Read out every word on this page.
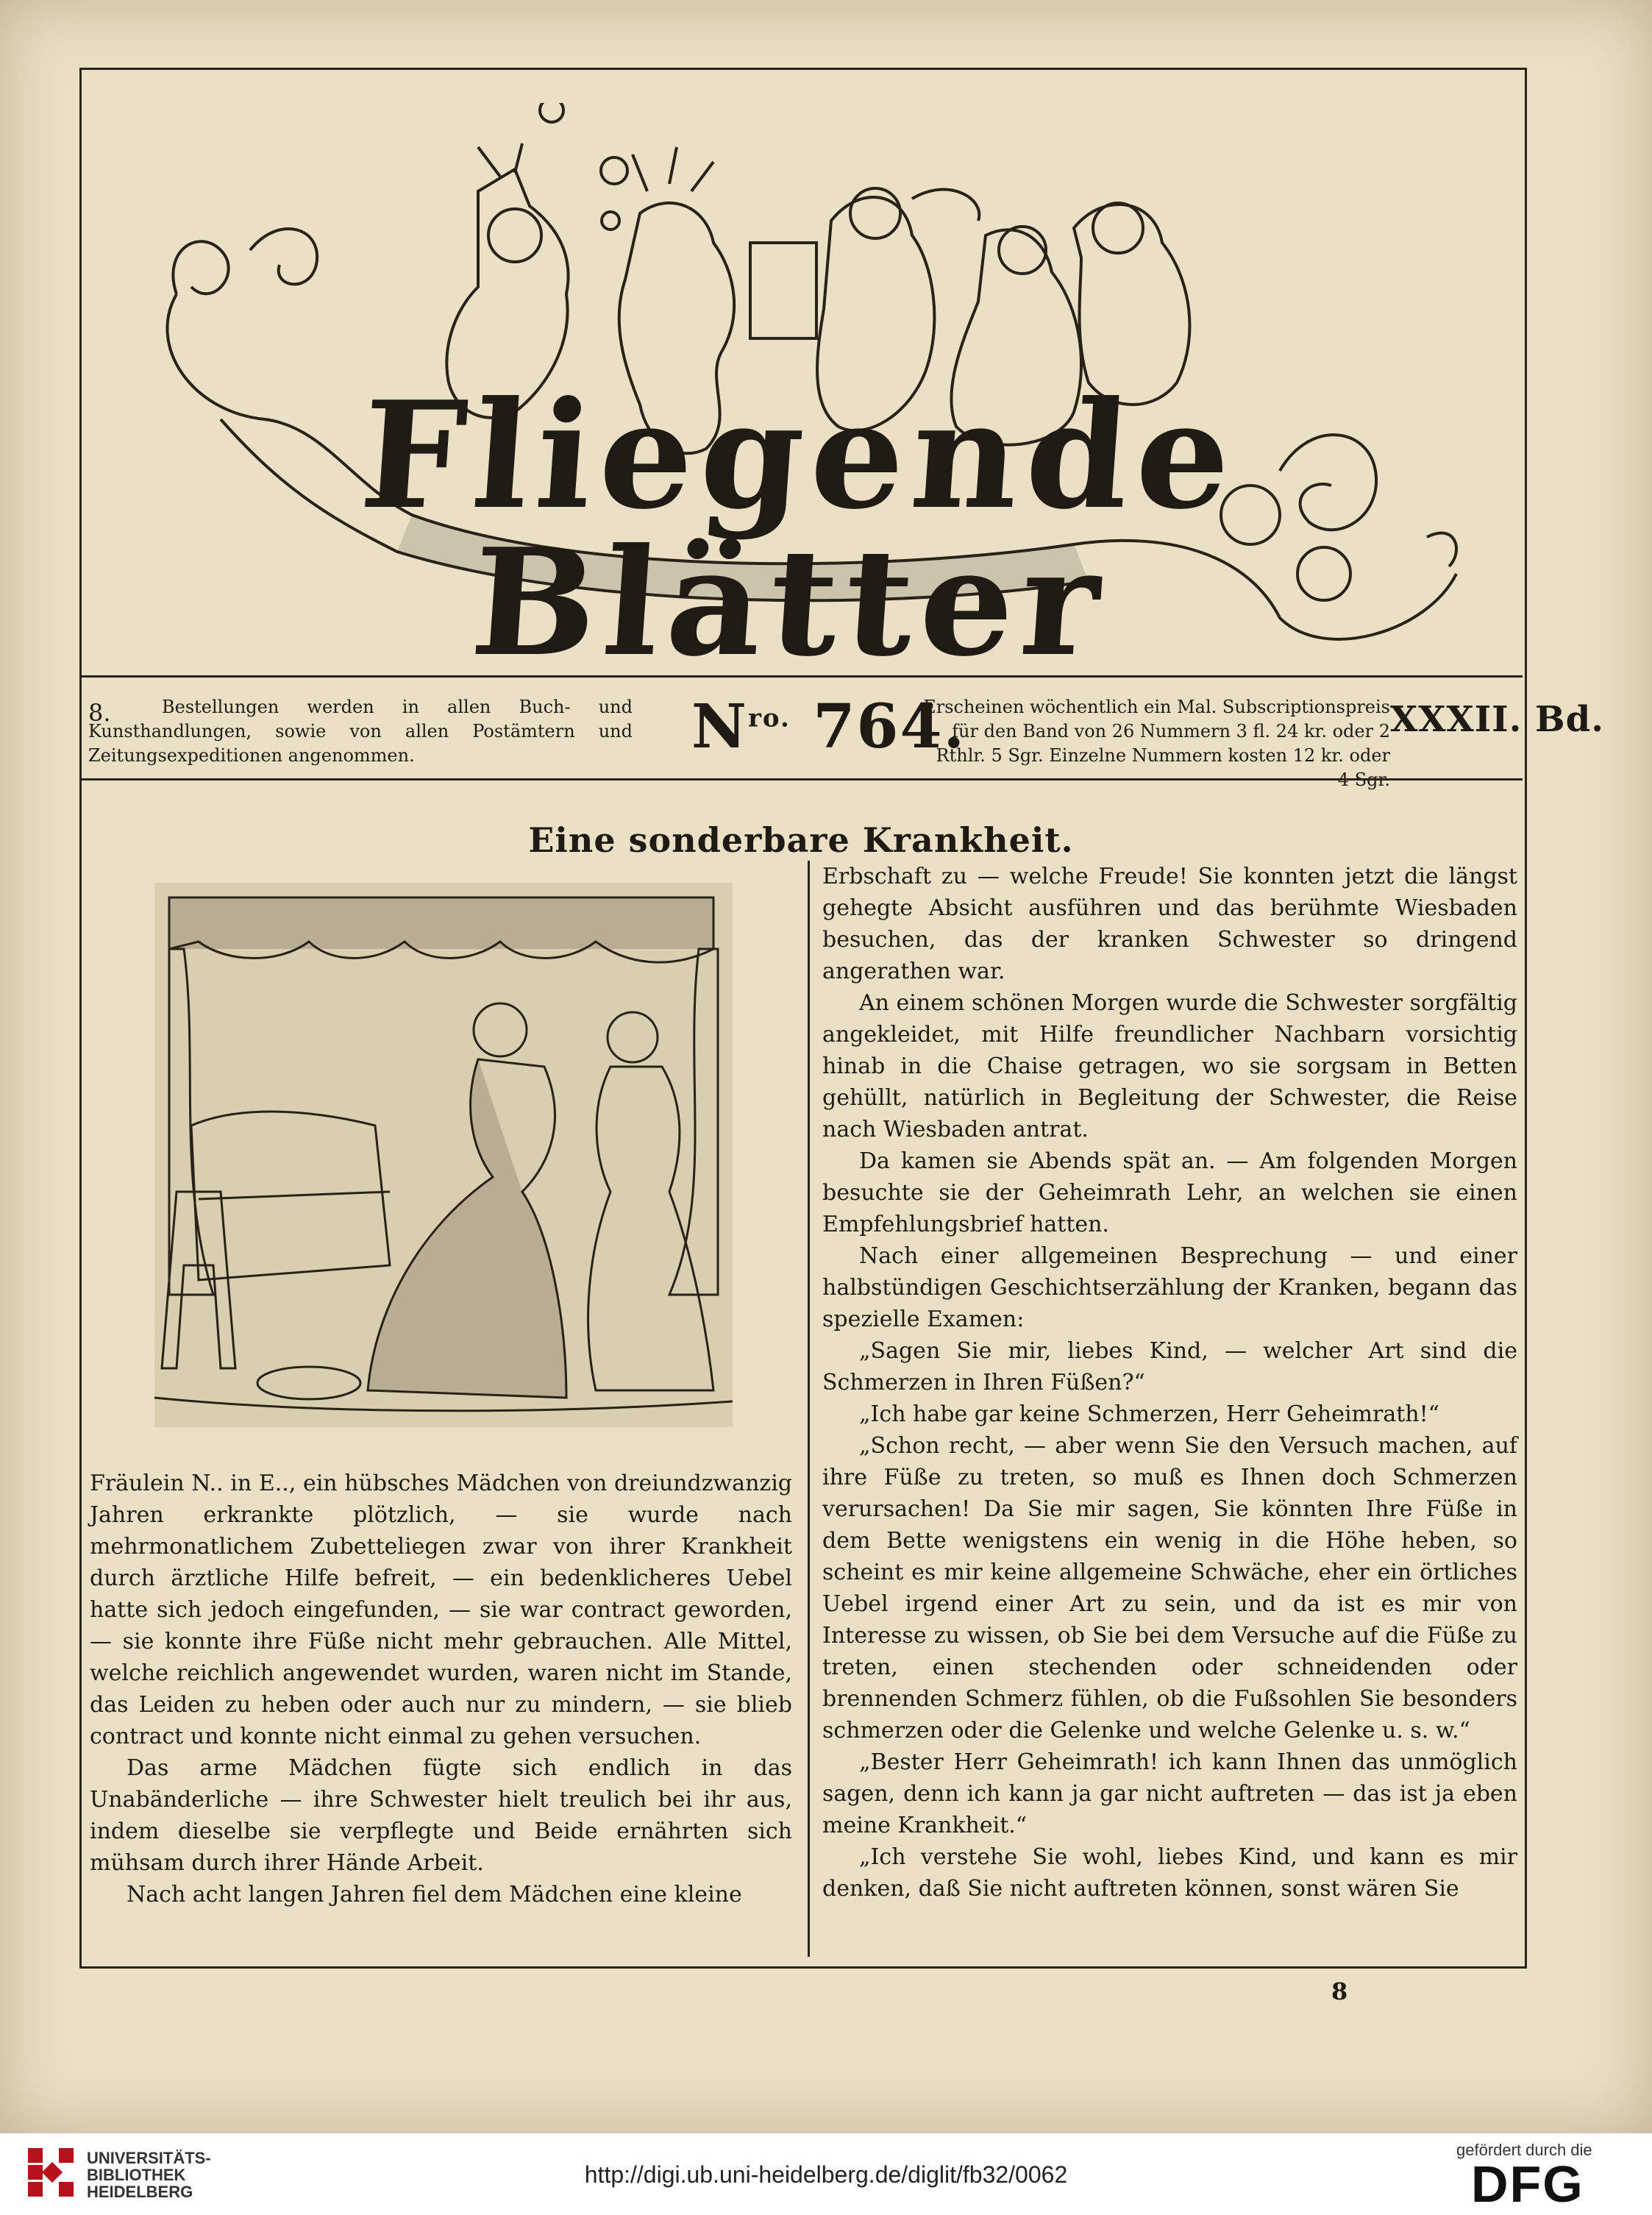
Fliegende Blätter
8.	Bestellungen werden in allen Buch- und Kunsthandlungen, sowie von allen Postämtern und Zeitungsexpeditionen angenommen.	$N^{ro.}$ 764.
Erscheinen wöchentlich ein Mal. Subscriptionspreis für den Band von 26 Nummern 3 fl. 24 kr. oder 2 Rthlr. 5 Sgr. Einzelne Nummern kosten 12 kr. oder 4 Sgr.
XXXII. Bd.
Eine sonderbare Krankheit.

Fräulein N.. in E.., ein hübsches Mädchen von dreiundzwanzig Jahren erkrankte plötzlich, — sie wurde nach mehrmonatlichem Zubetteliegen zwar von ihrer Krankheit durch ärztliche Hilfe befreit, — ein bedenklicheres Uebel hatte sich jedoch eingefunden, — sie war contract geworden, — sie konnte ihre Füße nicht mehr gebrauchen. Alle Mittel, welche reichlich angewendet wurden, waren nicht im Stande, das Leiden zu heben oder auch nur zu mindern, — sie blieb contract und konnte nicht einmal zu gehen versuchen.

Das arme Mädchen fügte sich endlich in das Unabänderliche — ihre Schwester hielt treulich bei ihr aus, indem dieselbe sie verpflegte und Beide ernährten sich mühsam durch ihrer Hände Arbeit.

Nach acht langen Jahren fiel dem Mädchen eine kleine

Erbschaft zu — welche Freude! Sie konnten jetzt die längst gehegte Absicht ausführen und das berühmte Wiesbaden besuchen, das der kranken Schwester so dringend angerathen war.

An einem schönen Morgen wurde die Schwester sorgfältig angekleidet, mit Hilfe freundlicher Nachbarn vorsichtig hinab in die Chaise getragen, wo sie sorgsam in Betten gehüllt, natürlich in Begleitung der Schwester, die Reise nach Wiesbaden antrat.

Da kamen sie Abends spät an. — Am folgenden Morgen besuchte sie der Geheimrath Lehr, an welchen sie einen Empfehlungsbrief hatten.

Nach einer allgemeinen Besprechung — und einer halbstündigen Geschichtserzählung der Kranken, begann das spezielle Examen:

„Sagen Sie mir, liebes Kind, — welcher Art sind die Schmerzen in Ihren Füßen?“

„Ich habe gar keine Schmerzen, Herr Geheimrath!“

„Schon recht, — aber wenn Sie den Versuch machen, auf ihre Füße zu treten, so muß es Ihnen doch Schmerzen verursachen! Da Sie mir sagen, Sie könnten Ihre Füße in dem Bette wenigstens ein wenig in die Höhe heben, so scheint es mir keine allgemeine Schwäche, eher ein örtliches Uebel irgend einer Art zu sein, und da ist es mir von Interesse zu wissen, ob Sie bei dem Versuche auf die Füße zu treten, einen stechenden oder schneidenden oder brennenden Schmerz fühlen, ob die Fußsohlen Sie besonders schmerzen oder die Gelenke und welche Gelenke u. s. w.“

„Bester Herr Geheimrath! ich kann Ihnen das unmöglich sagen, denn ich kann ja gar nicht auftreten — das ist ja eben meine Krankheit.“

„Ich verstehe Sie wohl, liebes Kind, und kann es mir denken, daß Sie nicht auftreten können, sonst wären Sie

8
UNIVERSITÄTS-
BIBLIOTHEK
HEIDELBERG
http://digi.ub.uni-heidelberg.de/diglit/fb32/0062
gefördert durch die
DFG
